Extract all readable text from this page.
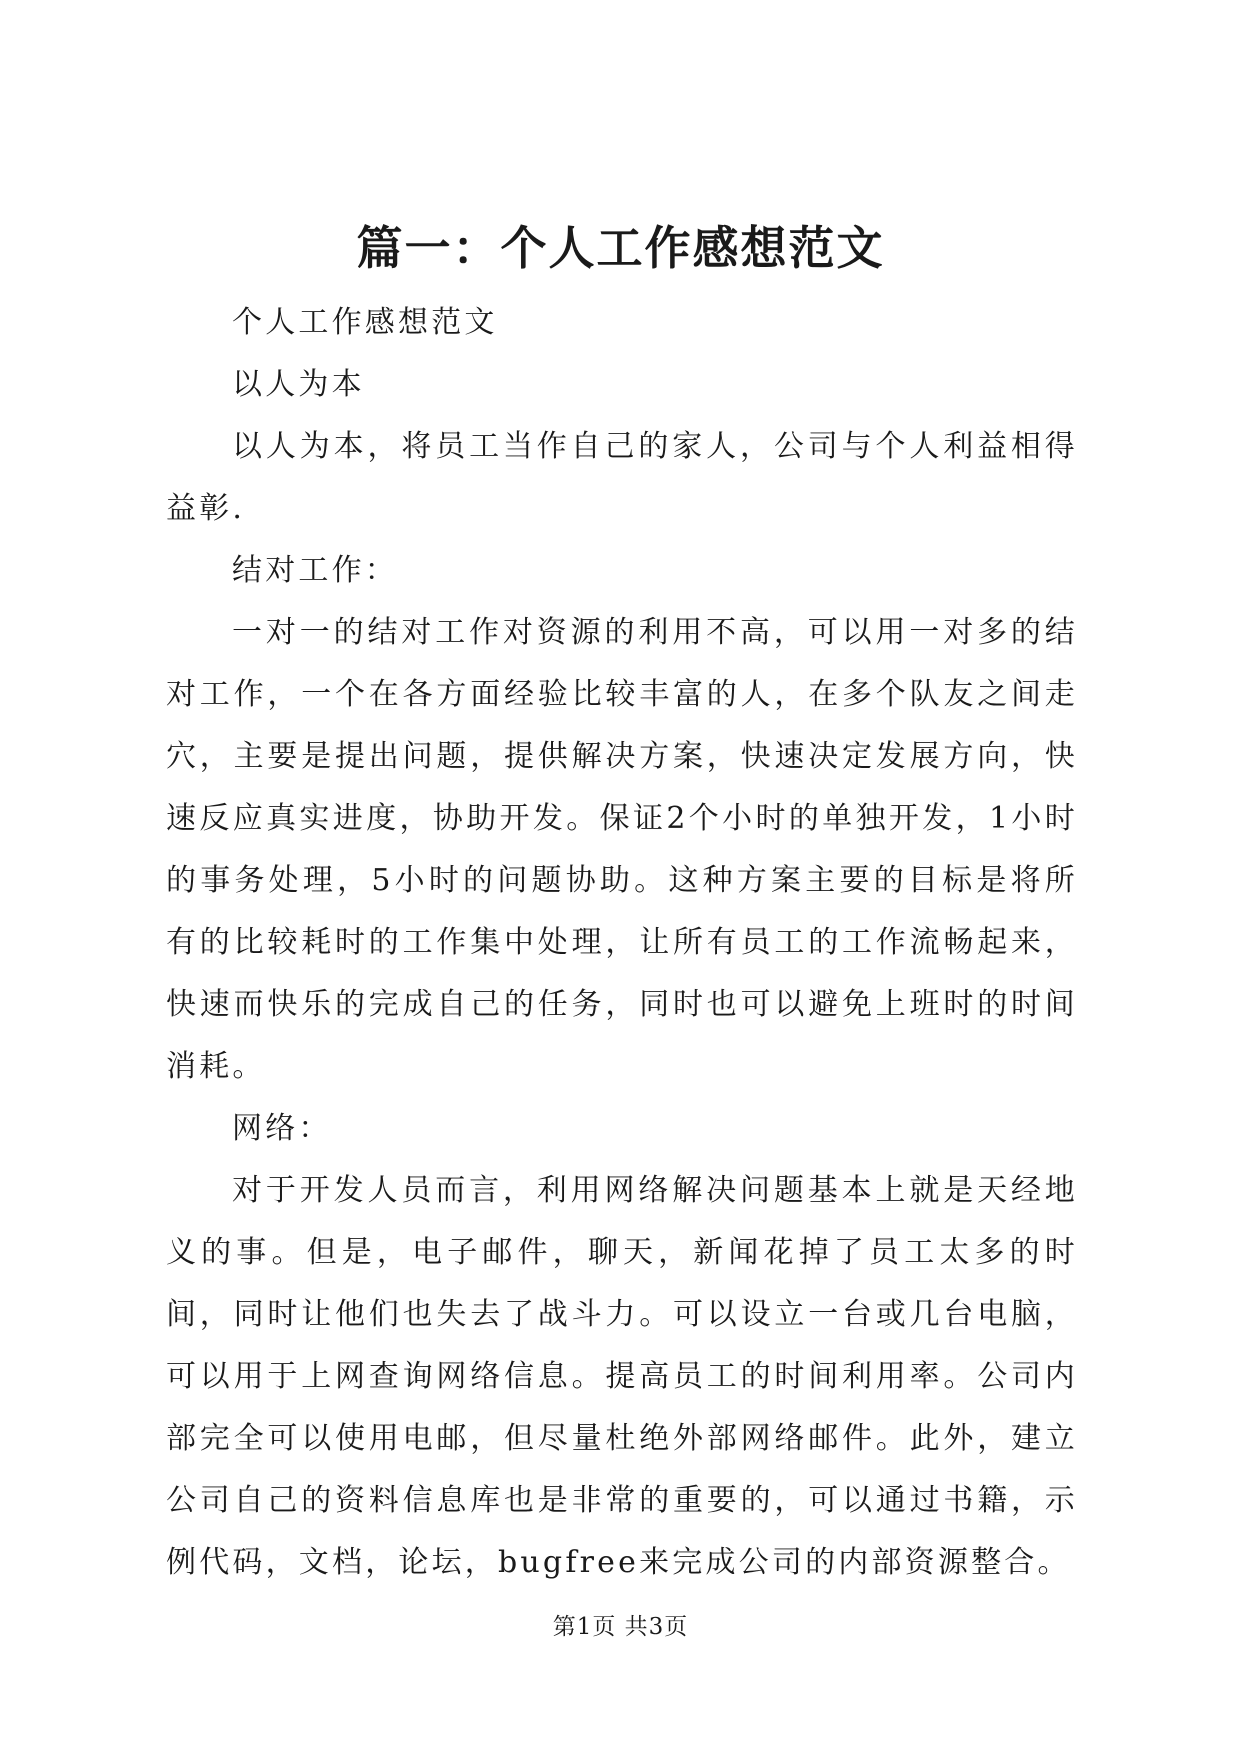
篇一：个人工作感想范文

个人工作感想范文

以人为本

以人为本，将员工当作自己的家人，公司与个人利益相得益彰.

结对工作：

一对一的结对工作对资源的利用不高，可以用一对多的结对工作，一个在各方面经验比较丰富的人，在多个队友之间走穴，主要是提出问题，提供解决方案，快速决定发展方向，快速反应真实进度，协助开发。保证2个小时的单独开发，1小时的事务处理，5小时的问题协助。这种方案主要的目标是将所有的比较耗时的工作集中处理，让所有员工的工作流畅起来，快速而快乐的完成自己的任务，同时也可以避免上班时的时间消耗。

网络：

对于开发人员而言，利用网络解决问题基本上就是天经地义的事。但是，电子邮件，聊天，新闻花掉了员工太多的时间，同时让他们也失去了战斗力。可以设立一台或几台电脑，可以用于上网查询网络信息。提高员工的时间利用率。公司内部完全可以使用电邮，但尽量杜绝外部网络邮件。此外，建立公司自己的资料信息库也是非常的重要的，可以通过书籍，示例代码，文档，论坛，bugfree来完成公司的内部资源整合。

第1页 共3页
